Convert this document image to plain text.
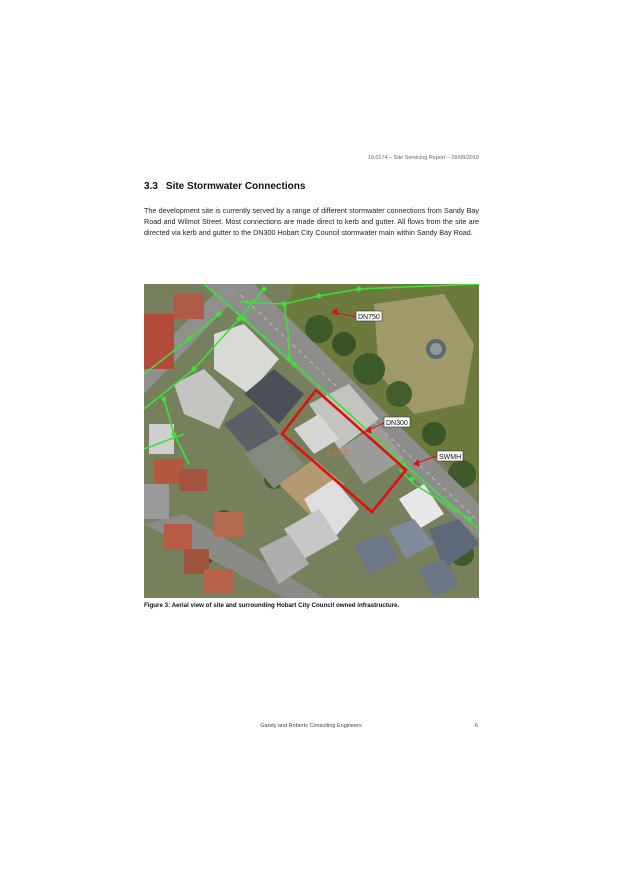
19.0174 – Site Servicing Report – 09/08/2019
3.3 Site Stormwater Connections

The development site is currently served by a range of different stormwater connections from Sandy Bay Road and Wilmot Street. Most connections are made direct to kerb and gutter. All flows from the site are directed via kerb and gutter to the DN300 Hobart City Council stormwater main within Sandy Bay Road.

SITE
DN750
DN300
SWMH
Figure 3: Aerial view of site and surrounding Hobart City Council owned infrastructure.
Gandy and Roberts Consulting Engineers	6
